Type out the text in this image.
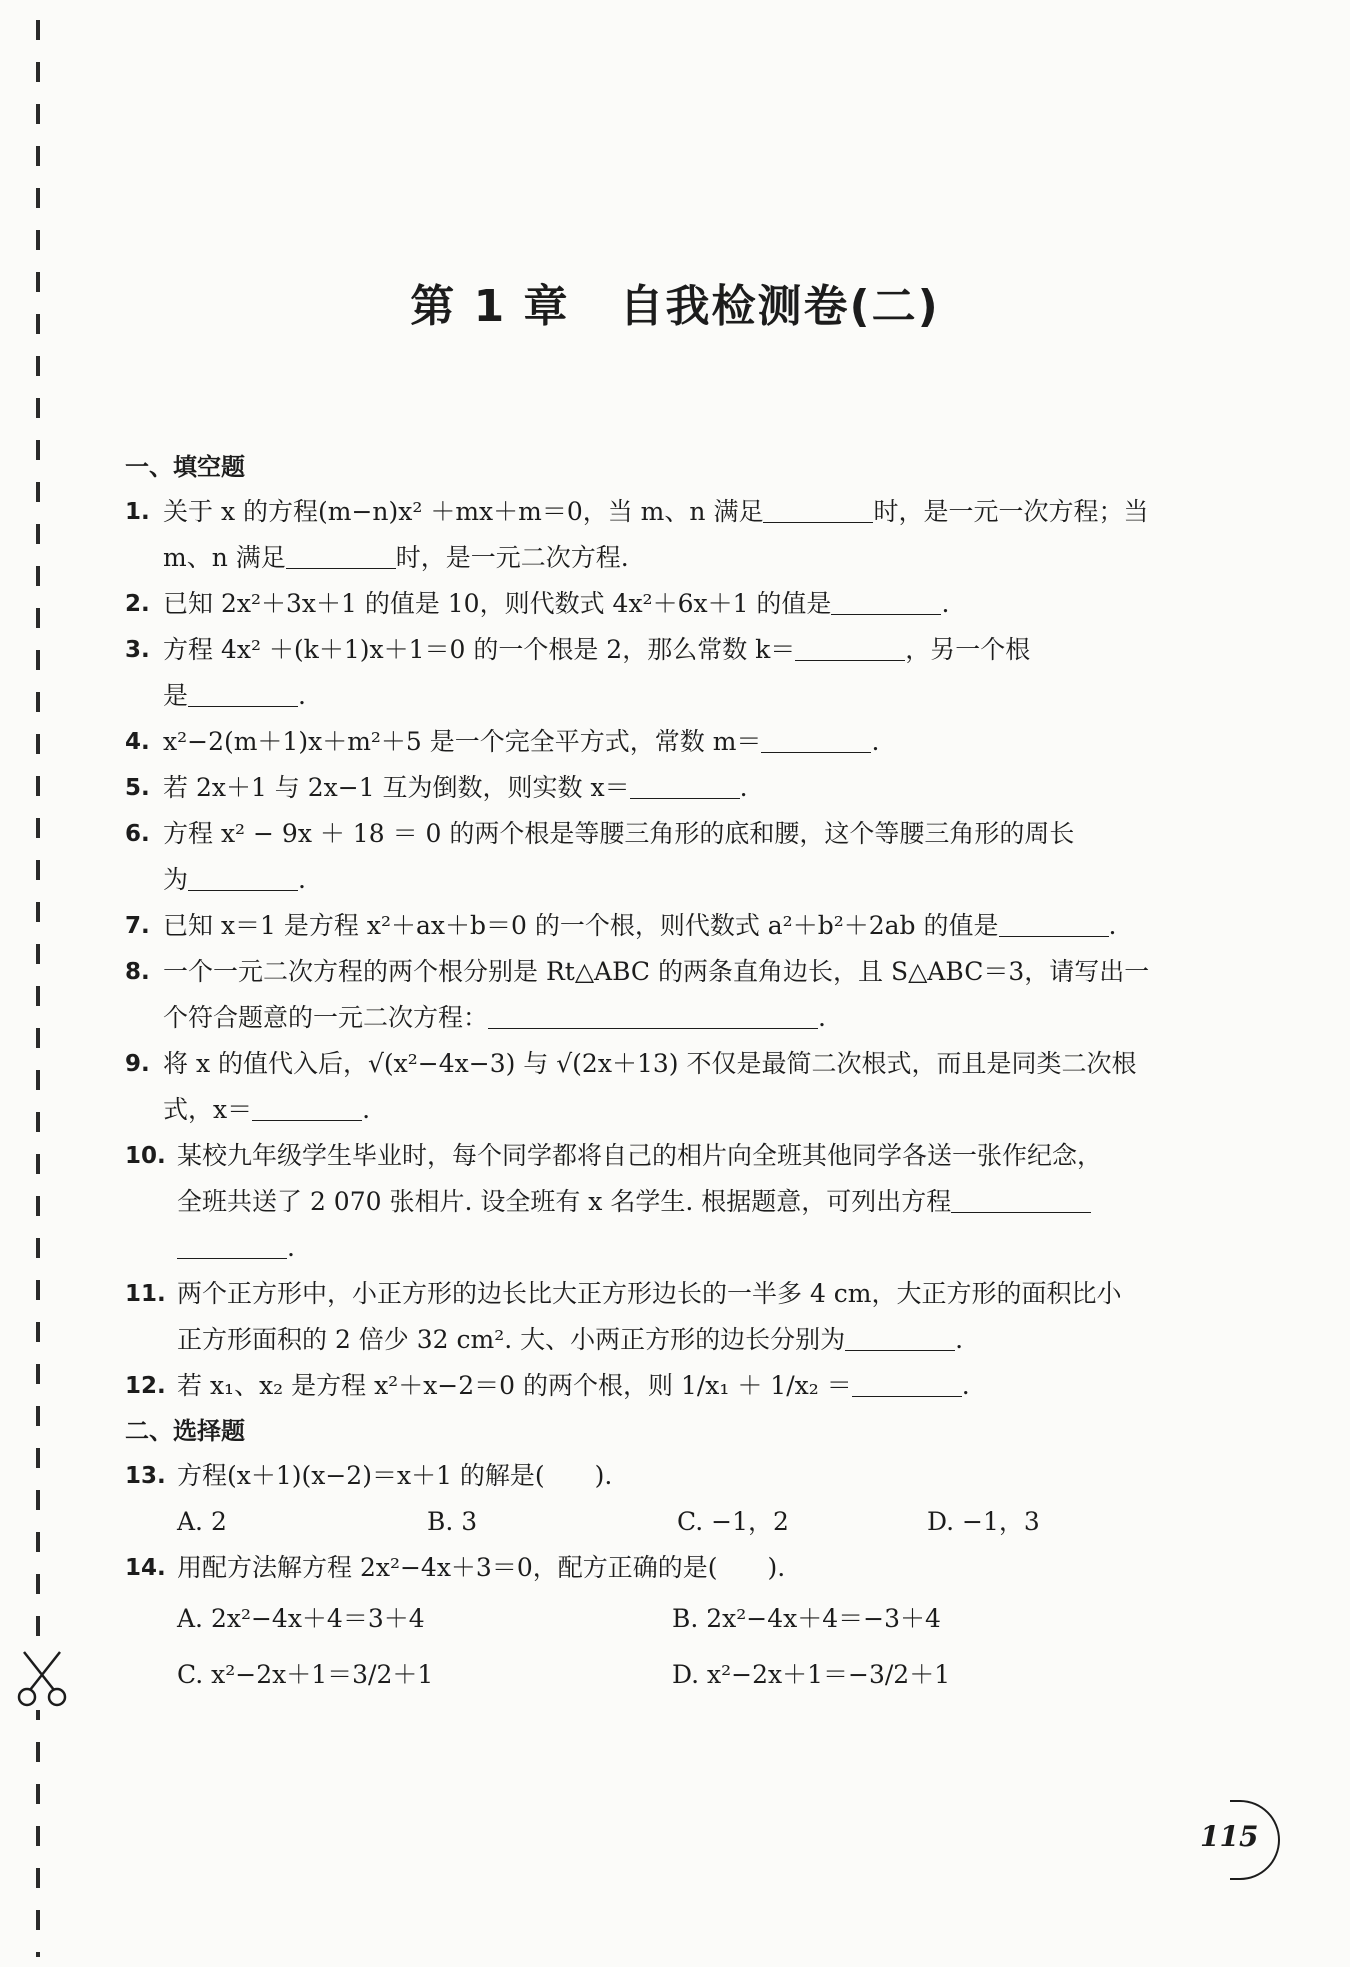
第 1 章 自我检测卷(二)
一、填空题
1. 关于 x 的方程(m−n)x² ＋mx＋m＝0，当 m、n 满足	时，是一元一次方程；当
m、n 满足	时，是一元二次方程.
2. 已知 2x²＋3x＋1 的值是 10，则代数式 4x²＋6x＋1 的值是	.
3. 方程 4x² ＋(k＋1)x＋1＝0 的一个根是 2，那么常数 k＝	，另一个根
是	.
4. x²−2(m＋1)x＋m²＋5 是一个完全平方式，常数 m＝	.
5. 若 2x＋1 与 2x−1 互为倒数，则实数 x＝	.
6. 方程 x² − 9x ＋ 18 ＝ 0 的两个根是等腰三角形的底和腰，这个等腰三角形的周长
为	.
7. 已知 x＝1 是方程 x²＋ax＋b＝0 的一个根，则代数式 a²＋b²＋2ab 的值是	.
8. 一个一元二次方程的两个根分别是 Rt△ABC 的两条直角边长，且 S△ABC＝3，请写出一
个符合题意的一元二次方程：	.
9. 将 x 的值代入后，√(x²−4x−3) 与 √(2x＋13) 不仅是最简二次根式，而且是同类二次根
式，x＝	.
10. 某校九年级学生毕业时，每个同学都将自己的相片向全班其他同学各送一张作纪念，
全班共送了 2 070 张相片. 设全班有 x 名学生. 根据题意，可列出方程
.
11. 两个正方形中，小正方形的边长比大正方形边长的一半多 4 cm，大正方形的面积比小
正方形面积的 2 倍少 32 cm². 大、小两正方形的边长分别为	.
12. 若 x₁、x₂ 是方程 x²＋x−2＝0 的两个根，则 1/x₁ ＋ 1/x₂ ＝	.
二、选择题
13. 方程(x＋1)(x−2)＝x＋1 的解是(　　).
A. 2	B. 3	C. −1，2	D. −1，3
14. 用配方法解方程 2x²−4x＋3＝0，配方正确的是(　　).
A. 2x²−4x＋4＝3＋4	B. 2x²−4x＋4＝−3＋4
C. x²−2x＋1＝3/2＋1	D. x²−2x＋1＝−3/2＋1
115
